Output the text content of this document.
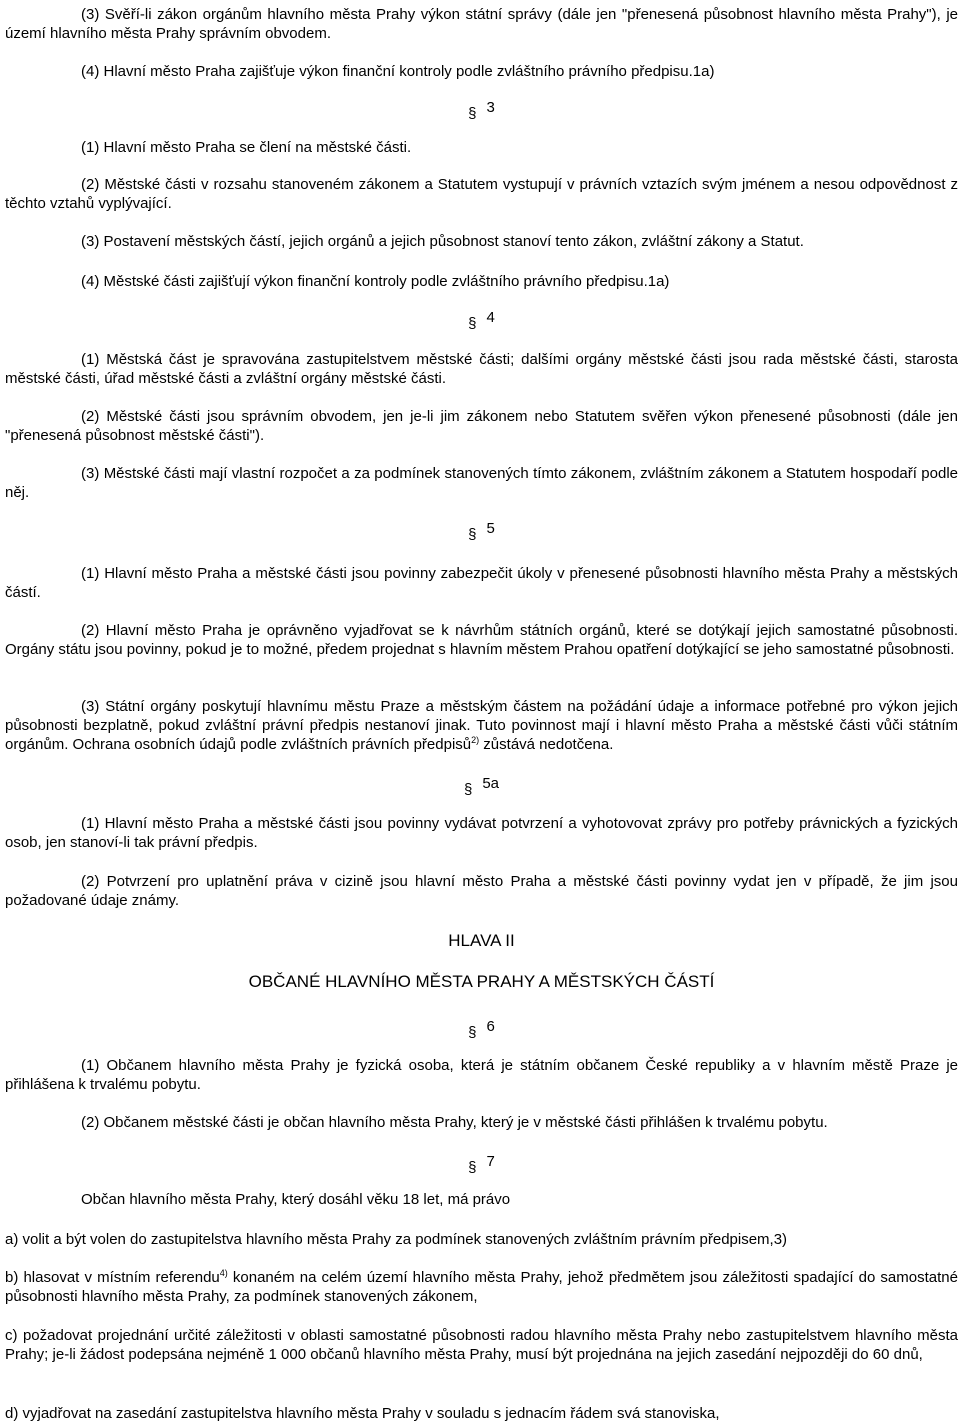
(3) Svěří-li zákon orgánům hlavního města Prahy výkon státní správy (dále jen "přenesená působnost hlavního města Prahy"), je území hlavního města Prahy správním obvodem.

(4) Hlavní město Praha zajišťuje výkon finanční kontroly podle zvláštního právního předpisu.1a)

§ 3

(1) Hlavní město Praha se člení na městské části.

(2) Městské části v rozsahu stanoveném zákonem a Statutem vystupují v právních vztazích svým jménem a nesou odpovědnost z těchto vztahů vyplývající.

(3) Postavení městských částí, jejich orgánů a jejich působnost stanoví tento zákon, zvláštní zákony a Statut.

(4) Městské části zajišťují výkon finanční kontroly podle zvláštního právního předpisu.1a)

§ 4

(1) Městská část je spravována zastupitelstvem městské části; dalšími orgány městské části jsou rada městské části, starosta městské části, úřad městské části a zvláštní orgány městské části.

(2) Městské části jsou správním obvodem, jen je-li jim zákonem nebo Statutem svěřen výkon přenesené působnosti (dále jen "přenesená působnost městské části").

(3) Městské části mají vlastní rozpočet a za podmínek stanovených tímto zákonem, zvláštním zákonem a Statutem hospodaří podle něj.

§ 5

(1) Hlavní město Praha a městské části jsou povinny zabezpečit úkoly v přenesené působnosti hlavního města Prahy a městských částí.

(2) Hlavní město Praha je oprávněno vyjadřovat se k návrhům státních orgánů, které se dotýkají jejich samostatné působnosti. Orgány státu jsou povinny, pokud je to možné, předem projednat s hlavním městem Prahou opatření dotýkající se jeho samostatné působnosti.

(3) Státní orgány poskytují hlavnímu městu Praze a městským částem na požádání údaje a informace potřebné pro výkon jejich působnosti bezplatně, pokud zvláštní právní předpis nestanoví jinak. Tuto povinnost mají i hlavní město Praha a městské části vůči státním orgánům. Ochrana osobních údajů podle zvláštních právních předpisů$^{2)}$ zůstává nedotčena.

§ 5a

(1) Hlavní město Praha a městské části jsou povinny vydávat potvrzení a vyhotovovat zprávy pro potřeby právnických a fyzických osob, jen stanoví-li tak právní předpis.

(2) Potvrzení pro uplatnění práva v cizině jsou hlavní město Praha a městské části povinny vydat jen v případě, že jim jsou požadované údaje známy.

HLAVA II

OBČANÉ HLAVNÍHO MĚSTA PRAHY A MĚSTSKÝCH ČÁSTÍ

§ 6

(1) Občanem hlavního města Prahy je fyzická osoba, která je státním občanem České republiky a v hlavním městě Praze je přihlášena k trvalému pobytu.

(2) Občanem městské části je občan hlavního města Prahy, který je v městské části přihlášen k trvalému pobytu.

§ 7

Občan hlavního města Prahy, který dosáhl věku 18 let, má právo

a) volit a být volen do zastupitelstva hlavního města Prahy za podmínek stanovených zvláštním právním předpisem,3)

b) hlasovat v místním referendu$^{4)}$ konaném na celém území hlavního města Prahy, jehož předmětem jsou záležitosti spadající do samostatné působnosti hlavního města Prahy, za podmínek stanovených zákonem,

c) požadovat projednání určité záležitosti v oblasti samostatné působnosti radou hlavního města Prahy nebo zastupitelstvem hlavního města Prahy; je-li žádost podepsána nejméně 1 000 občanů hlavního města Prahy, musí být projednána na jejich zasedání nejpozději do 60 dnů,

d) vyjadřovat na zasedání zastupitelstva hlavního města Prahy v souladu s jednacím řádem svá stanoviska,
